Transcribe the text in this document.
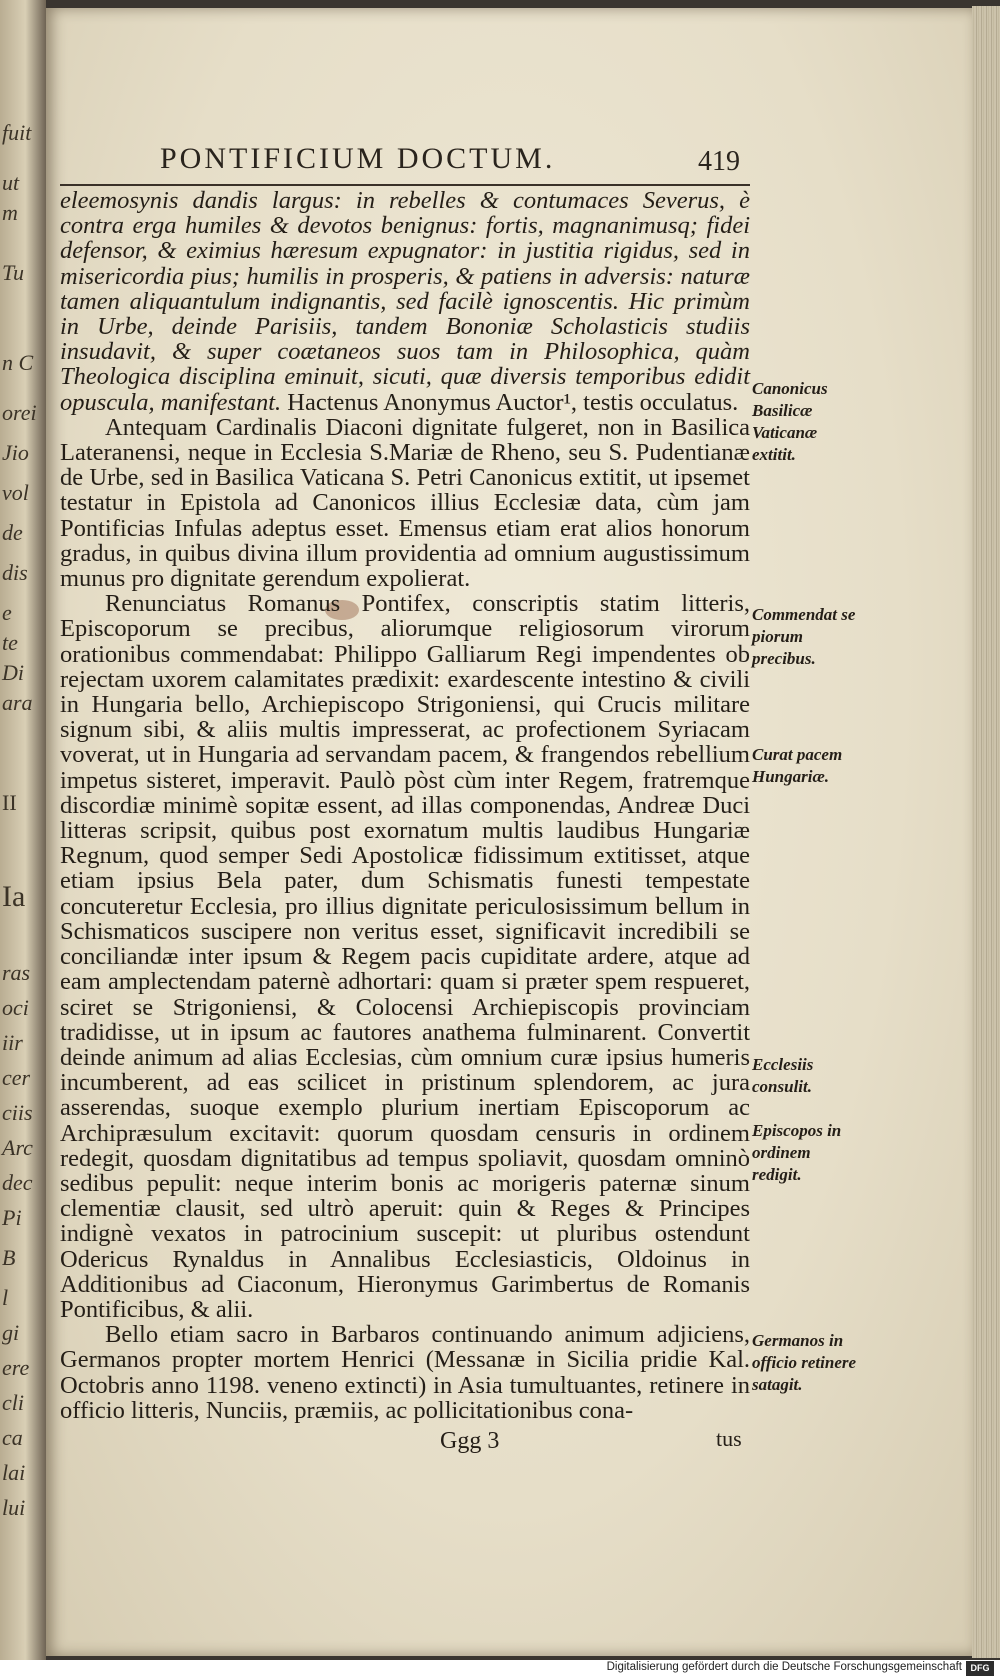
fuit
ut
m
Tu
n C
orei
Jio
vol
de
dis
e
te
Di
ara
II
Ia
ras
oci
iir
cer
ciis
Arc
dec
Pi
B
l
gi
ere
cli
ca
lai
lui
PONTIFICIUM DOCTUM.	419

eleemosynis dandis largus: in rebelles & contumaces Severus, è contra erga humiles & devotos benignus: fortis, magnanimusq; fidei defensor, & eximius hæresum expugnator: in justitia rigidus, sed in misericordia pius; humilis in prosperis, & patiens in adversis: naturæ tamen aliquantulum indignantis, sed facilè ignoscentis. Hic primùm in Urbe, deinde Parisiis, tandem Bononiæ Scholasticis studiis insudavit, & super coætaneos suos tam in Philosophica, quàm Theologica disciplina eminuit, sicuti, quæ diversis temporibus edidit opuscula, manifestant. Hactenus Anonymus Auctor¹, testis occulatus.

Antequam Cardinalis Diaconi dignitate fulgeret, non in Basilica Lateranensi, neque in Ecclesia S.Mariæ de Rheno, seu S. Pudentianæ de Urbe, sed in Basilica Vaticana S. Petri Canonicus extitit, ut ipsemet testatur in Epistola ad Canonicos illius Ecclesiæ data, cùm jam Pontificias Infulas adeptus esset. Emensus etiam erat alios honorum gradus, in quibus divina illum providentia ad omnium augustissimum munus pro dignitate gerendum expolierat.

Renunciatus Romanus Pontifex, conscriptis statim litteris, Episcoporum se precibus, aliorumque religiosorum virorum orationibus commendabat: Philippo Galliarum Regi impendentes ob rejectam uxorem calamitates prædixit: exardescente intestino & civili in Hungaria bello, Archiepiscopo Strigoniensi, qui Crucis militare signum sibi, & aliis multis impresserat, ac profectionem Syriacam voverat, ut in Hungaria ad servandam pacem, & frangendos rebellium impetus sisteret, imperavit. Paulò pòst cùm inter Regem, fratremque discordiæ minimè sopitæ essent, ad illas componendas, Andreæ Duci litteras scripsit, quibus post exornatum multis laudibus Hungariæ Regnum, quod semper Sedi Apostolicæ fidissimum extitisset, atque etiam ipsius Bela pater, dum Schismatis funesti tempestate concuteretur Ecclesia, pro illius dignitate periculosissimum bellum in Schismaticos suscipere non veritus esset, significavit incredibili se conciliandæ inter ipsum & Regem pacis cupiditate ardere, atque ad eam amplectendam paternè adhortari: quam si præter spem respueret, sciret se Strigoniensi, & Colocensi Archiepiscopis provinciam tradidisse, ut in ipsum ac fautores anathema fulminarent. Convertit deinde animum ad alias Ecclesias, cùm omnium curæ ipsius humeris incumberent, ad eas scilicet in pristinum splendorem, ac jura asserendas, suoque exemplo plurium inertiam Episcoporum ac Archipræsulum excitavit: quorum quosdam censuris in ordinem redegit, quosdam dignitatibus ad tempus spoliavit, quosdam omninò sedibus pepulit: neque interim bonis ac morigeris paternæ sinum clementiæ clausit, sed ultrò aperuit: quin & Reges & Principes indignè vexatos in patrocinium suscepit: ut pluribus ostendunt Odericus Rynaldus in Annalibus Ecclesiasticis, Oldoinus in Additionibus ad Ciaconum, Hieronymus Garimbertus de Romanis Pontificibus, & alii.

Bello etiam sacro in Barbaros continuando animum adjiciens, Germanos propter mortem Henrici (Messanæ in Sicilia pridie Kal. Octobris anno 1198. veneno extincti) in Asia tumultuantes, retinere in officio litteris, Nunciis, præmiis, ac pollicitationibus cona-

Canonicus Basilicæ Vaticanæ extitit.
Commendat se piorum precibus.
Curat pacem Hungariæ.
Ecclesiis consulit.
Episcopos in ordinem redigit.
Germanos in officio retinere satagit.
Ggg 3	tus
Digitalisierung gefördert durch die Deutsche Forschungsgemeinschaft DFG
